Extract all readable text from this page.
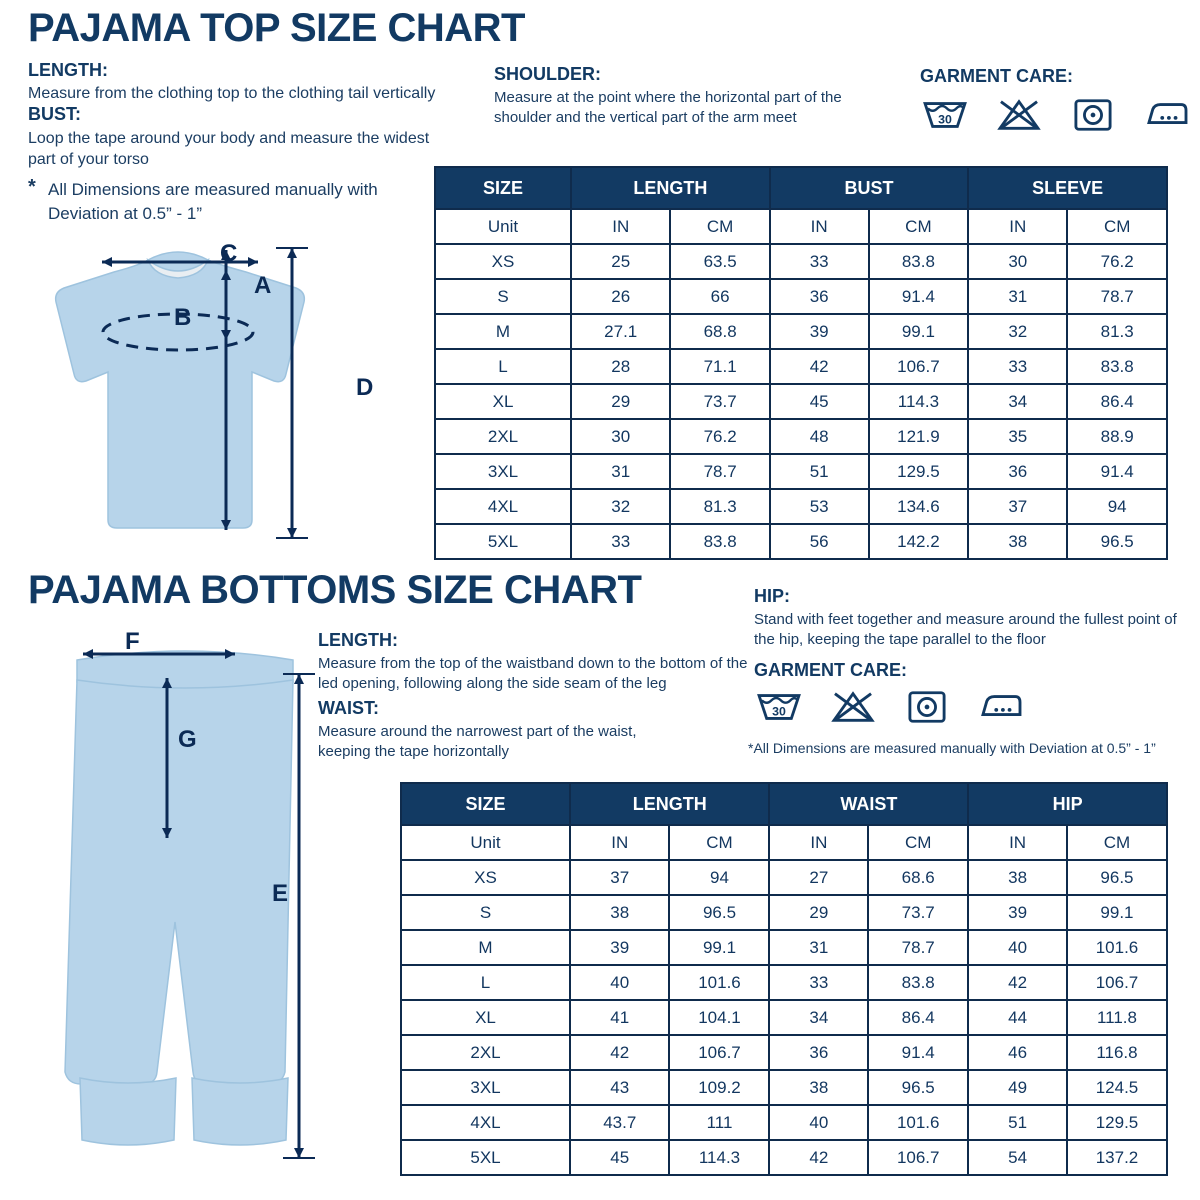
PAJAMA TOP SIZE CHART
LENGTH:
Measure from the clothing top to the clothing tail vertically
BUST:
Loop the tape around your body and measure the widest part of your torso
* All Dimensions are measured manually with Deviation at 0.5” - 1”
SHOULDER:
Measure at the point where the horizontal part of the shoulder and the vertical part of the arm meet
GARMENT CARE:
30
C
A
B
D
SIZE	LENGTH		BUST		SLEEVE	
Unit	IN	CM	IN	CM	IN	CM
XS	25	63.5	33	83.8	30	76.2
S	26	66	36	91.4	31	78.7
M	27.1	68.8	39	99.1	32	81.3
L	28	71.1	42	106.7	33	83.8
XL	29	73.7	45	114.3	34	86.4
2XL	30	76.2	48	121.9	35	88.9
3XL	31	78.7	51	129.5	36	91.4
4XL	32	81.3	53	134.6	37	94
5XL	33	83.8	56	142.2	38	96.5
PAJAMA BOTTOMS SIZE CHART
LENGTH:
Measure from the top of the waistband down to the bottom of the led opening, following along the side seam of the leg
WAIST:
Measure around the narrowest part of the waist, keeping the tape horizontally
HIP:
Stand with feet together and measure around the fullest point of the hip, keeping the tape parallel to the floor
GARMENT CARE:
30
*All Dimensions are measured manually with Deviation at 0.5” - 1”
F
G
E
SIZE	LENGTH		WAIST		HIP	
Unit	IN	CM	IN	CM	IN	CM
XS	37	94	27	68.6	38	96.5
S	38	96.5	29	73.7	39	99.1
M	39	99.1	31	78.7	40	101.6
L	40	101.6	33	83.8	42	106.7
XL	41	104.1	34	86.4	44	111.8
2XL	42	106.7	36	91.4	46	116.8
3XL	43	109.2	38	96.5	49	124.5
4XL	43.7	111	40	101.6	51	129.5
5XL	45	114.3	42	106.7	54	137.2
